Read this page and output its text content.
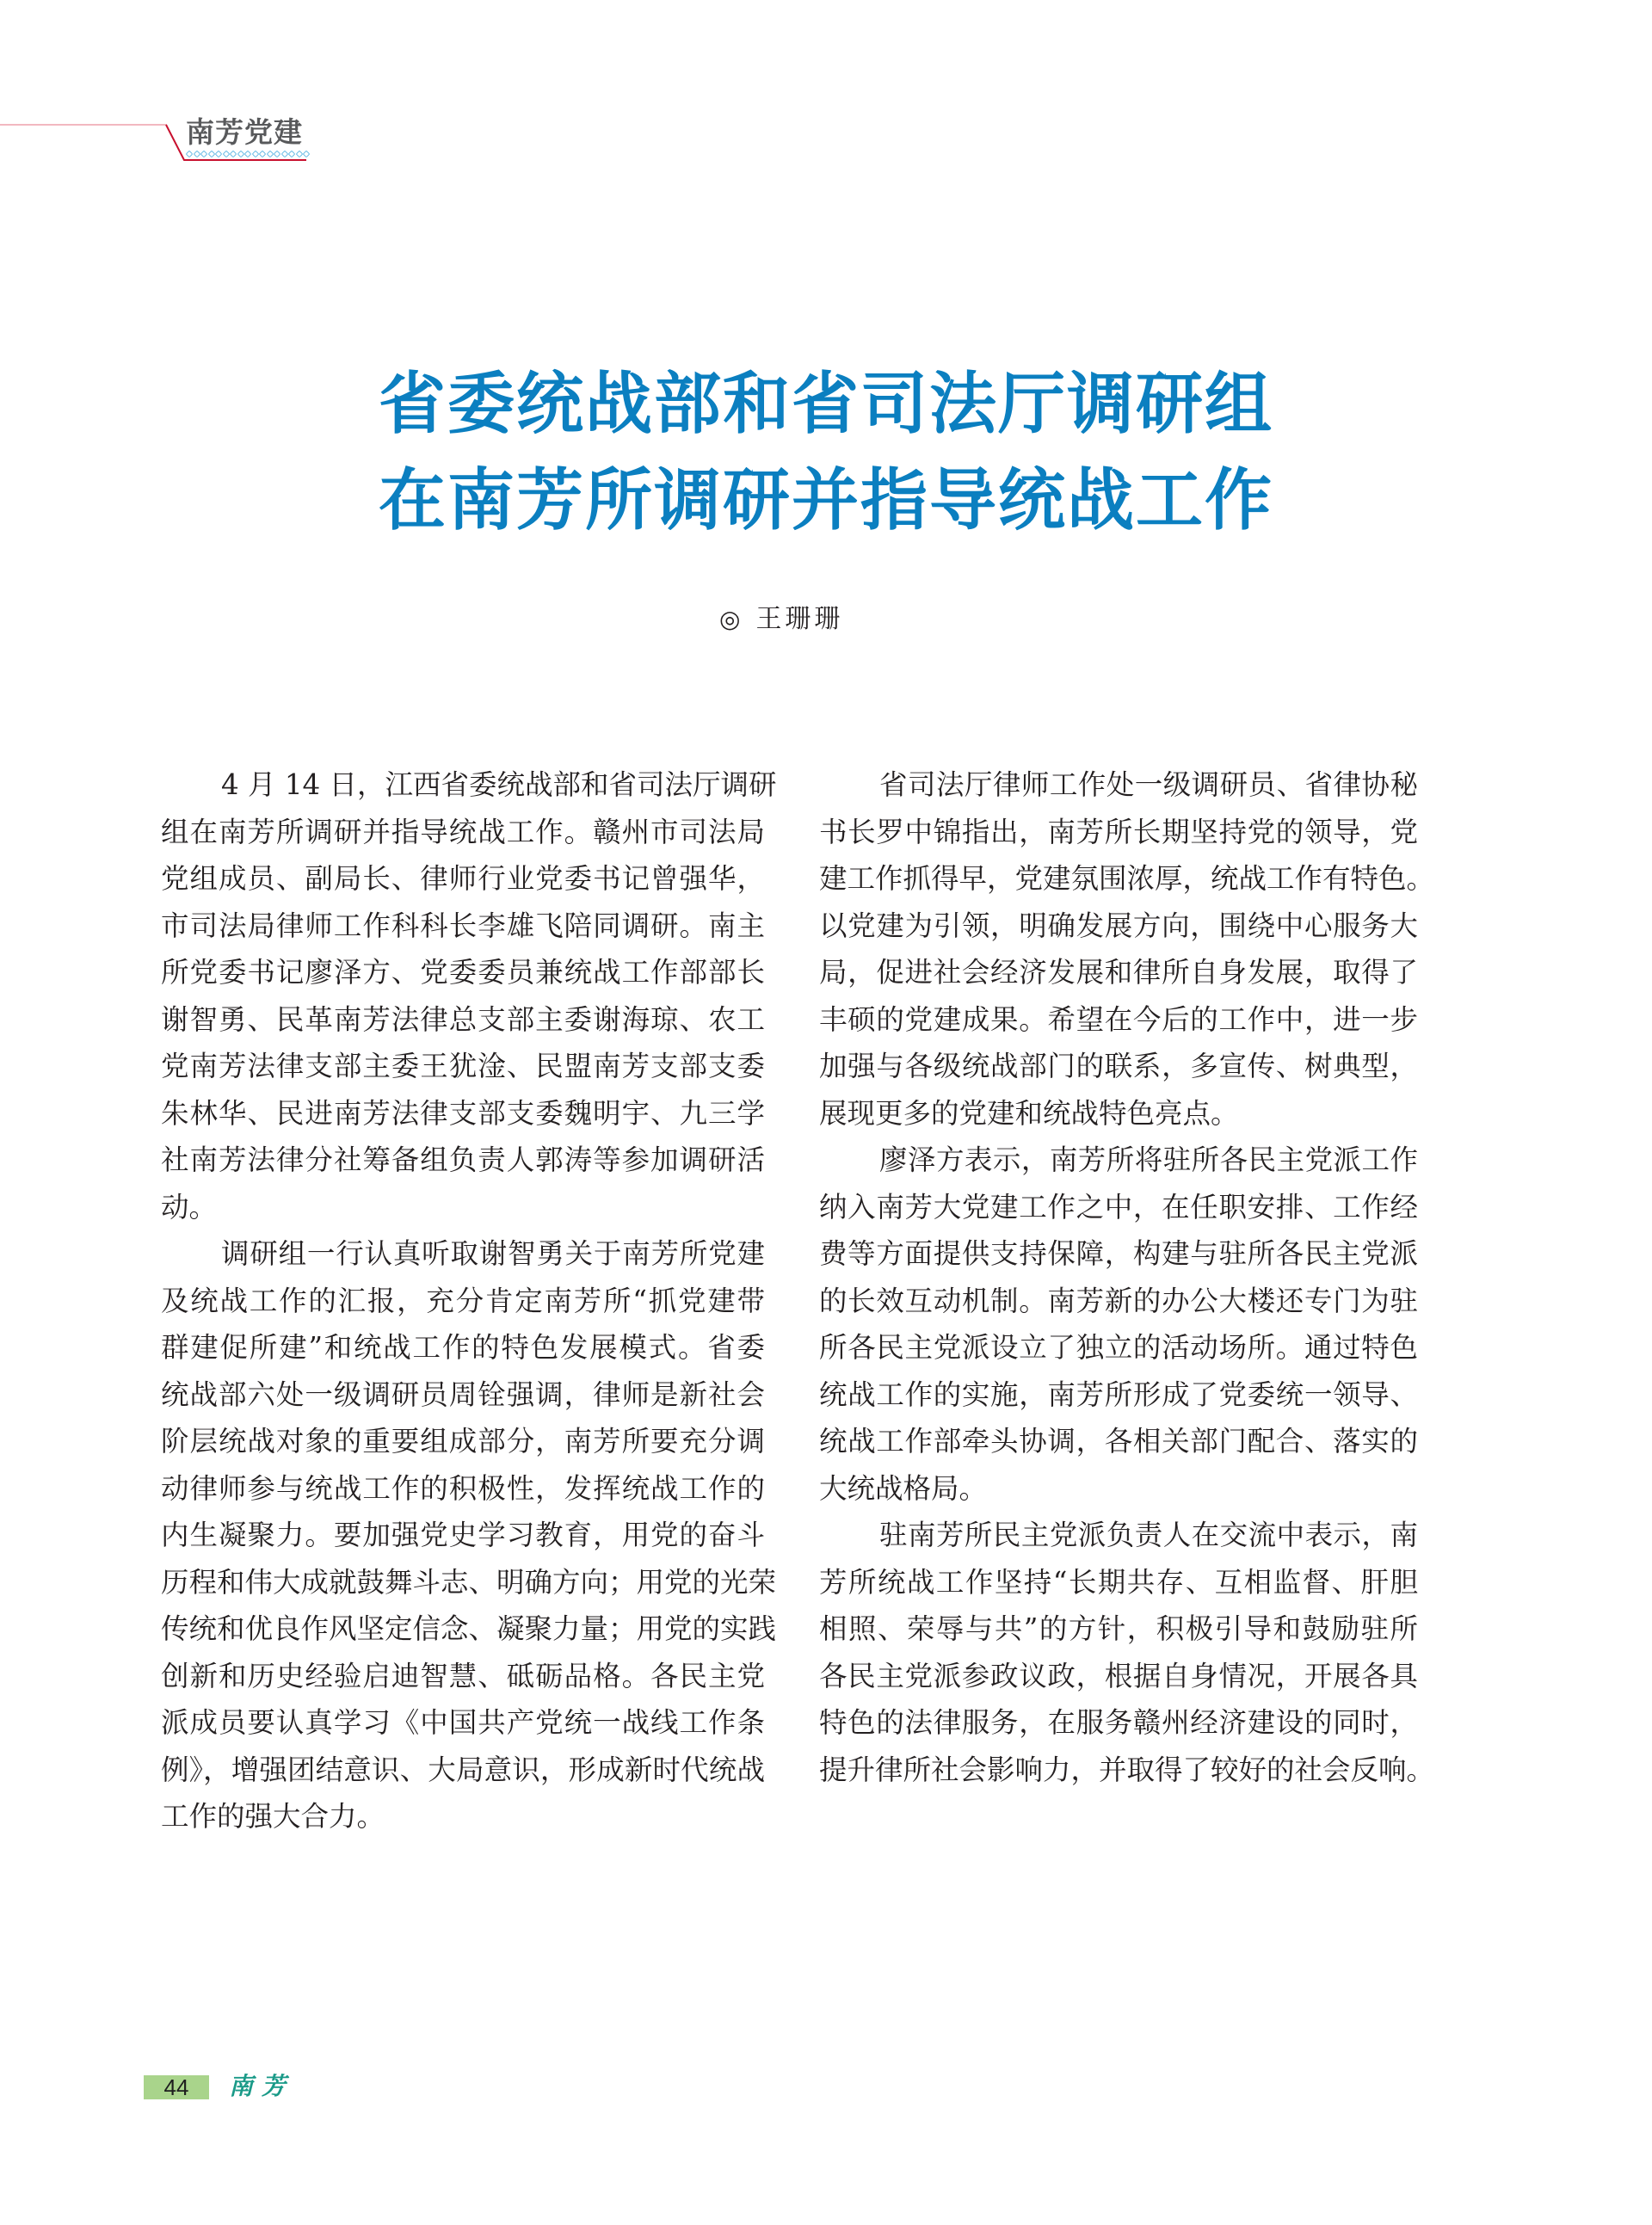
南芳党建
省委统战部和省司法厅调研组
在南芳所调研并指导统战工作
◎ 王珊珊
4 月 14 日，江西省委统战部和省司法厅调研
组在南芳所调研并指导统战工作。赣州市司法局
党组成员、副局长、律师行业党委书记曾强华，
市司法局律师工作科科长李雄飞陪同调研。南主
所党委书记廖泽方、党委委员兼统战工作部部长
谢智勇、民革南芳法律总支部主委谢海琼、农工
党南芳法律支部主委王犹淦、民盟南芳支部支委
朱林华、民进南芳法律支部支委魏明宇、九三学
社南芳法律分社筹备组负责人郭涛等参加调研活
动。
调研组一行认真听取谢智勇关于南芳所党建
及统战工作的汇报，充分肯定南芳所“抓党建带
群建促所建”和统战工作的特色发展模式。省委
统战部六处一级调研员周铨强调，律师是新社会
阶层统战对象的重要组成部分，南芳所要充分调
动律师参与统战工作的积极性，发挥统战工作的
内生凝聚力。要加强党史学习教育，用党的奋斗
历程和伟大成就鼓舞斗志、明确方向；用党的光荣
传统和优良作风坚定信念、凝聚力量；用党的实践
创新和历史经验启迪智慧、砥砺品格。各民主党
派成员要认真学习《中国共产党统一战线工作条
例》，增强团结意识、大局意识，形成新时代统战
工作的强大合力。
省司法厅律师工作处一级调研员、省律协秘
书长罗中锦指出，南芳所长期坚持党的领导，党
建工作抓得早，党建氛围浓厚，统战工作有特色。
以党建为引领，明确发展方向，围绕中心服务大
局，促进社会经济发展和律所自身发展，取得了
丰硕的党建成果。希望在今后的工作中，进一步
加强与各级统战部门的联系，多宣传、树典型，
展现更多的党建和统战特色亮点。
廖泽方表示，南芳所将驻所各民主党派工作
纳入南芳大党建工作之中，在任职安排、工作经
费等方面提供支持保障，构建与驻所各民主党派
的长效互动机制。南芳新的办公大楼还专门为驻
所各民主党派设立了独立的活动场所。通过特色
统战工作的实施，南芳所形成了党委统一领导、
统战工作部牵头协调，各相关部门配合、落实的
大统战格局。
驻南芳所民主党派负责人在交流中表示，南
芳所统战工作坚持“长期共存、互相监督、肝胆
相照、荣辱与共”的方针，积极引导和鼓励驻所
各民主党派参政议政，根据自身情况，开展各具
特色的法律服务，在服务赣州经济建设的同时，
提升律所社会影响力，并取得了较好的社会反响。
44	南芳
